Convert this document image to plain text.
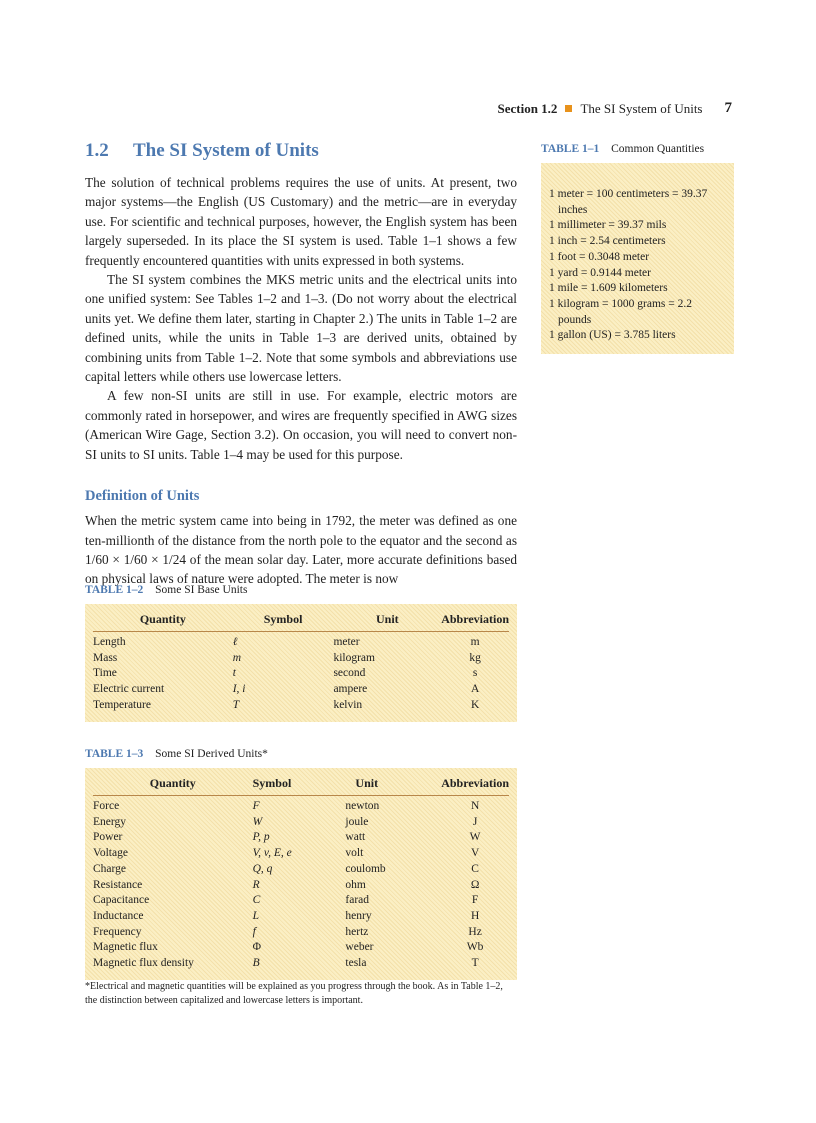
Section 1.2 The SI System of Units 7
1.2	The SI System of Units

The solution of technical problems requires the use of units. At present, two major systems—the English (US Customary) and the metric—are in everyday use. For scientific and technical purposes, however, the English system has been largely superseded. In its place the SI system is used. Table 1–1 shows a few frequently encountered quantities with units expressed in both systems.

The SI system combines the MKS metric units and the electrical units into one unified system: See Tables 1–2 and 1–3. (Do not worry about the electrical units yet. We define them later, starting in Chapter 2.) The units in Table 1–2 are defined units, while the units in Table 1–3 are derived units, obtained by combining units from Table 1–2. Note that some symbols and abbreviations use capital letters while others use lowercase letters.

A few non-SI units are still in use. For example, electric motors are commonly rated in horsepower, and wires are frequently specified in AWG sizes (American Wire Gage, Section 3.2). On occasion, you will need to convert non-SI units to SI units. Table 1–4 may be used for this purpose.

Definition of Units

When the metric system came into being in 1792, the meter was defined as one ten-millionth of the distance from the north pole to the equator and the second as 1/60 × 1/60 × 1/24 of the mean solar day. Later, more accurate definitions based on physical laws of nature were adopted. The meter is now

TABLE 1–1 Common Quantities
1 meter = 100 centimeters = 39.37 inches
1 millimeter = 39.37 mils
1 inch = 2.54 centimeters
1 foot = 0.3048 meter
1 yard = 0.9144 meter
1 mile = 1.609 kilometers
1 kilogram = 1000 grams = 2.2 pounds
1 gallon (US) = 3.785 liters
TABLE 1–2 Some SI Base Units
Quantity	Symbol	Unit	Abbreviation
Length	ℓ	meter	m
Mass	m	kilogram	kg
Time	t	second	s
Electric current	I, i	ampere	A
Temperature	T	kelvin	K
TABLE 1–3 Some SI Derived Units*
Quantity	Symbol	Unit	Abbreviation
Force	F	newton	N
Energy	W	joule	J
Power	P, p	watt	W
Voltage	V, v, E, e	volt	V
Charge	Q, q	coulomb	C
Resistance	R	ohm	Ω
Capacitance	C	farad	F
Inductance	L	henry	H
Frequency	f	hertz	Hz
Magnetic flux	Φ	weber	Wb
Magnetic flux density	B	tesla	T
*Electrical and magnetic quantities will be explained as you progress through the book. As in Table 1–2, the distinction between capitalized and lowercase letters is important.
